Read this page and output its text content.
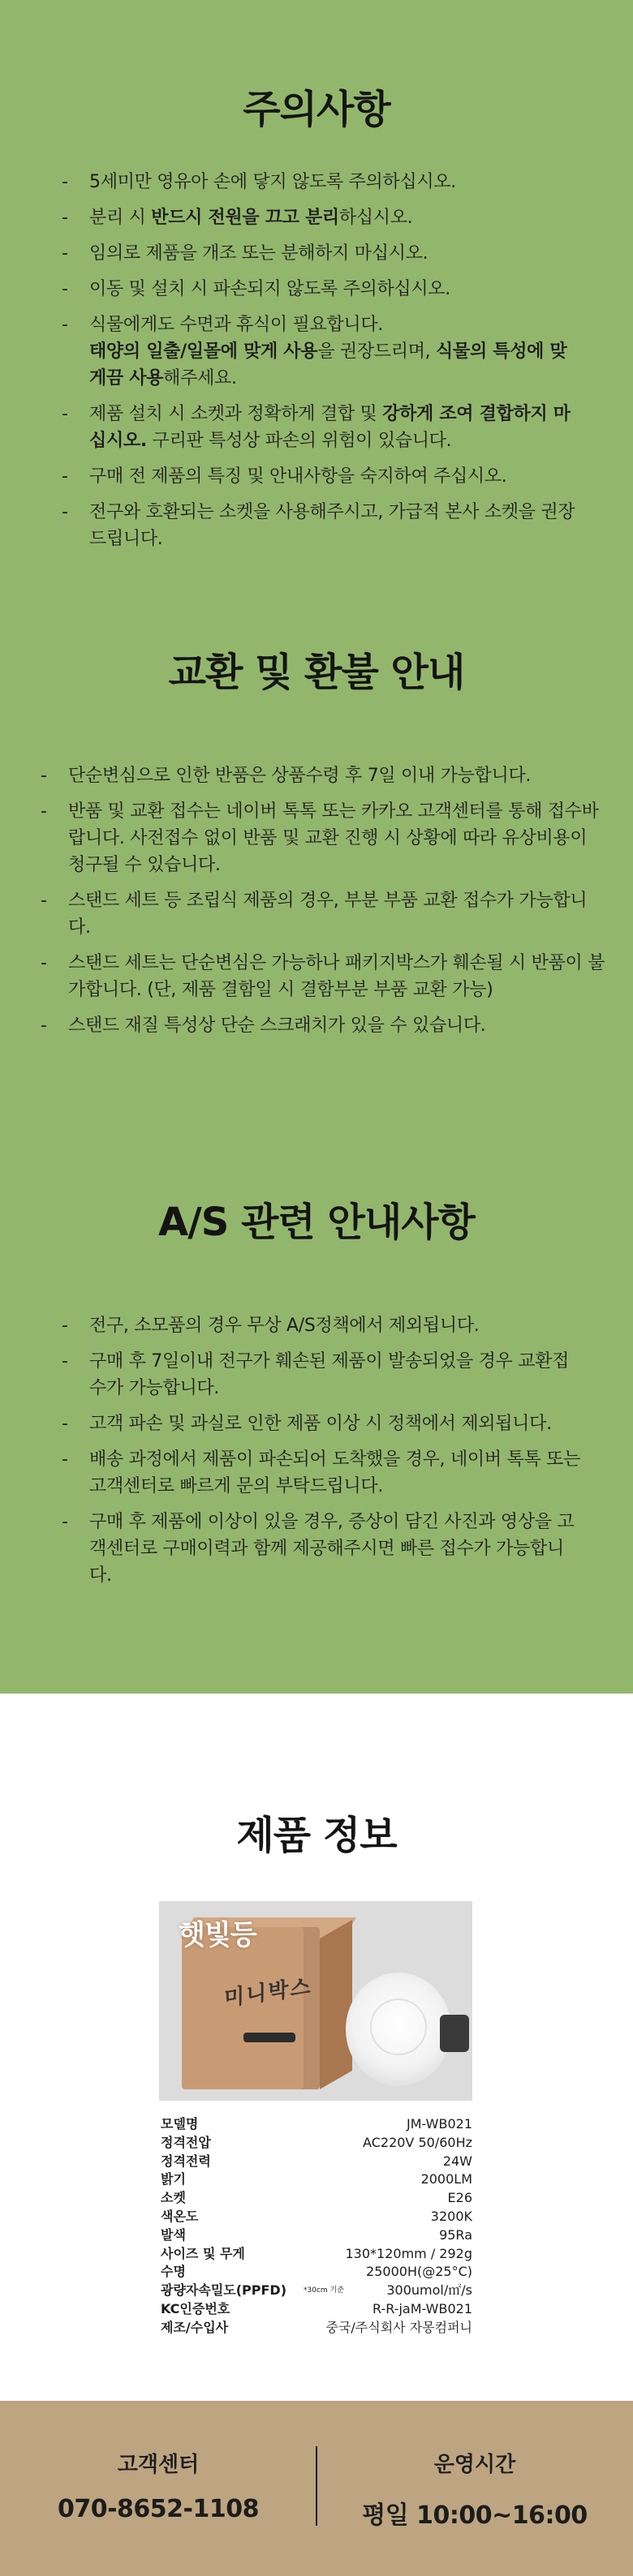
주의사항
- 5세미만 영유아 손에 닿지 않도록 주의하십시오.
- 분리 시 반드시 전원을 끄고 분리하십시오.
- 임의로 제품을 개조 또는 분해하지 마십시오.
- 이동 및 설치 시 파손되지 않도록 주의하십시오.
- 식물에게도 수면과 휴식이 필요합니다.
태양의 일출/일몰에 맞게 사용을 권장드리며, 식물의 특성에 맞게끔 사용해주세요.
- 제품 설치 시 소켓과 정확하게 결합 및 강하게 조여 결합하지 마십시오. 구리판 특성상 파손의 위험이 있습니다.
- 구매 전 제품의 특징 및 안내사항을 숙지하여 주십시오.
- 전구와 호환되는 소켓을 사용해주시고, 가급적 본사 소켓을 권장드립니다.
교환 및 환불 안내
- 단순변심으로 인한 반품은 상품수령 후 7일 이내 가능합니다.
- 반품 및 교환 접수는 네이버 톡톡 또는 카카오 고객센터를 통해 접수바랍니다. 사전접수 없이 반품 및 교환 진행 시 상황에 따라 유상비용이 청구될 수 있습니다.
- 스탠드 세트 등 조립식 제품의 경우, 부분 부품 교환 접수가 가능합니다.
- 스탠드 세트는 단순변심은 가능하나 패키지박스가 훼손될 시 반품이 불가합니다. (단, 제품 결함일 시 결함부분 부품 교환 가능)
- 스탠드 재질 특성상 단순 스크래치가 있을 수 있습니다.
A/S 관련 안내사항
- 전구, 소모품의 경우 무상 A/S정책에서 제외됩니다.
- 구매 후 7일이내 전구가 훼손된 제품이 발송되었을 경우 교환접수가 가능합니다.
- 고객 파손 및 과실로 인한 제품 이상 시 정책에서 제외됩니다.
- 배송 과정에서 제품이 파손되어 도착했을 경우, 네이버 톡톡 또는 고객센터로 빠르게 문의 부탁드립니다.
- 구매 후 제품에 이상이 있을 경우, 증상이 담긴 사진과 영상을 고객센터로 구매이력과 함께 제공해주시면 빠른 접수가 가능합니다.
제품 정보
미니박스
햇빛등
모델명	JM-WB021
정격전압	AC220V 50/60Hz
정격전력	24W
밝기	2000LM
소켓	E26
색온도	3200K
발색	95Ra
사이즈 및 무게	130*120mm / 292g
수명	25000H(@25°C)
광량자속밀도(PPFD) *30cm 기준	300umol/㎡/s
KC인증번호	R-R-jaM-WB021
제조/수입사	중국/주식회사 자몽컴퍼니
고객센터
070-8652-1108
운영시간
평일 10:00~16:00
